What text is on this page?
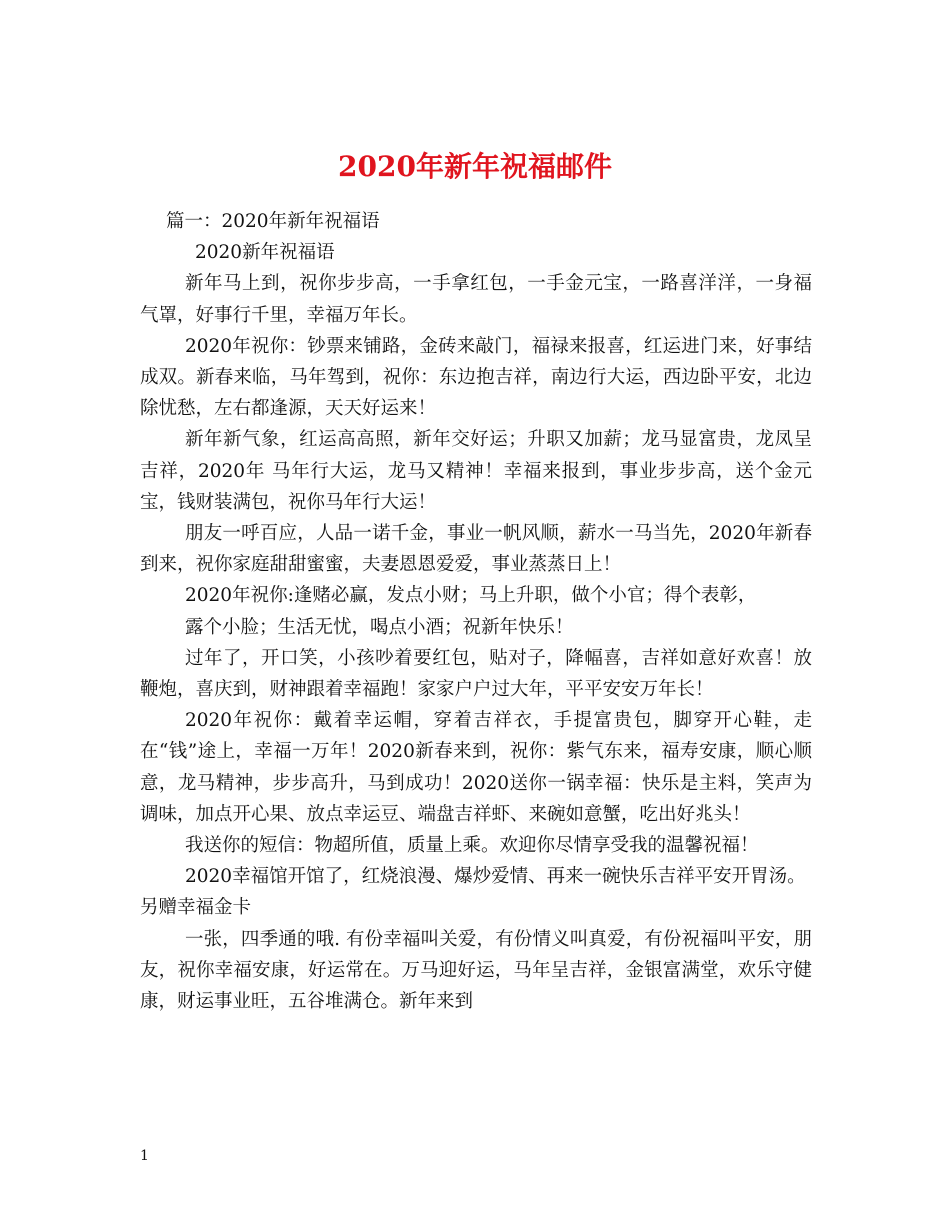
2020年新年祝福邮件

篇一：2020年新年祝福语

2020新年祝福语

新年马上到，祝你步步高，一手拿红包，一手金元宝，一路喜洋洋，一身福气罩，好事行千里，幸福万年长。

2020年祝你：钞票来铺路，金砖来敲门，福禄来报喜，红运进门来，好事结成双。新春来临，马年驾到，祝你：东边抱吉祥，南边行大运，西边卧平安，北边除忧愁，左右都逢源，天天好运来！

新年新气象，红运高高照，新年交好运；升职又加薪；龙马显富贵，龙凤呈吉祥，2020年 马年行大运，龙马又精神！幸福来报到，事业步步高，送个金元宝，钱财装满包，祝你马年行大运！

朋友一呼百应，人品一诺千金，事业一帆风顺，薪水一马当先，2020年新春到来，祝你家庭甜甜蜜蜜，夫妻恩恩爱爱，事业蒸蒸日上！

2020年祝你:逢赌必赢，发点小财；马上升职，做个小官；得个表彰，

露个小脸；生活无忧，喝点小酒；祝新年快乐！

过年了，开口笑，小孩吵着要红包，贴对子，降幅喜，吉祥如意好欢喜！放鞭炮，喜庆到，财神跟着幸福跑！家家户户过大年，平平安安万年长！

2020年祝你：戴着幸运帽，穿着吉祥衣，手提富贵包，脚穿开心鞋，走在“钱”途上，幸福一万年！2020新春来到，祝你：紫气东来，福寿安康，顺心顺意，龙马精神，步步高升，马到成功！2020送你一锅幸福：快乐是主料，笑声为调味，加点开心果、放点幸运豆、端盘吉祥虾、来碗如意蟹，吃出好兆头！

我送你的短信：物超所值，质量上乘。欢迎你尽情享受我的温馨祝福！

2020幸福馆开馆了，红烧浪漫、爆炒爱情、再来一碗快乐吉祥平安开胃汤。

另赠幸福金卡

一张，四季通的哦. 有份幸福叫关爱，有份情义叫真爱，有份祝福叫平安，朋友，祝你幸福安康，好运常在。万马迎好运，马年呈吉祥，金银富满堂，欢乐守健康，财运事业旺，五谷堆满仓。新年来到

1
